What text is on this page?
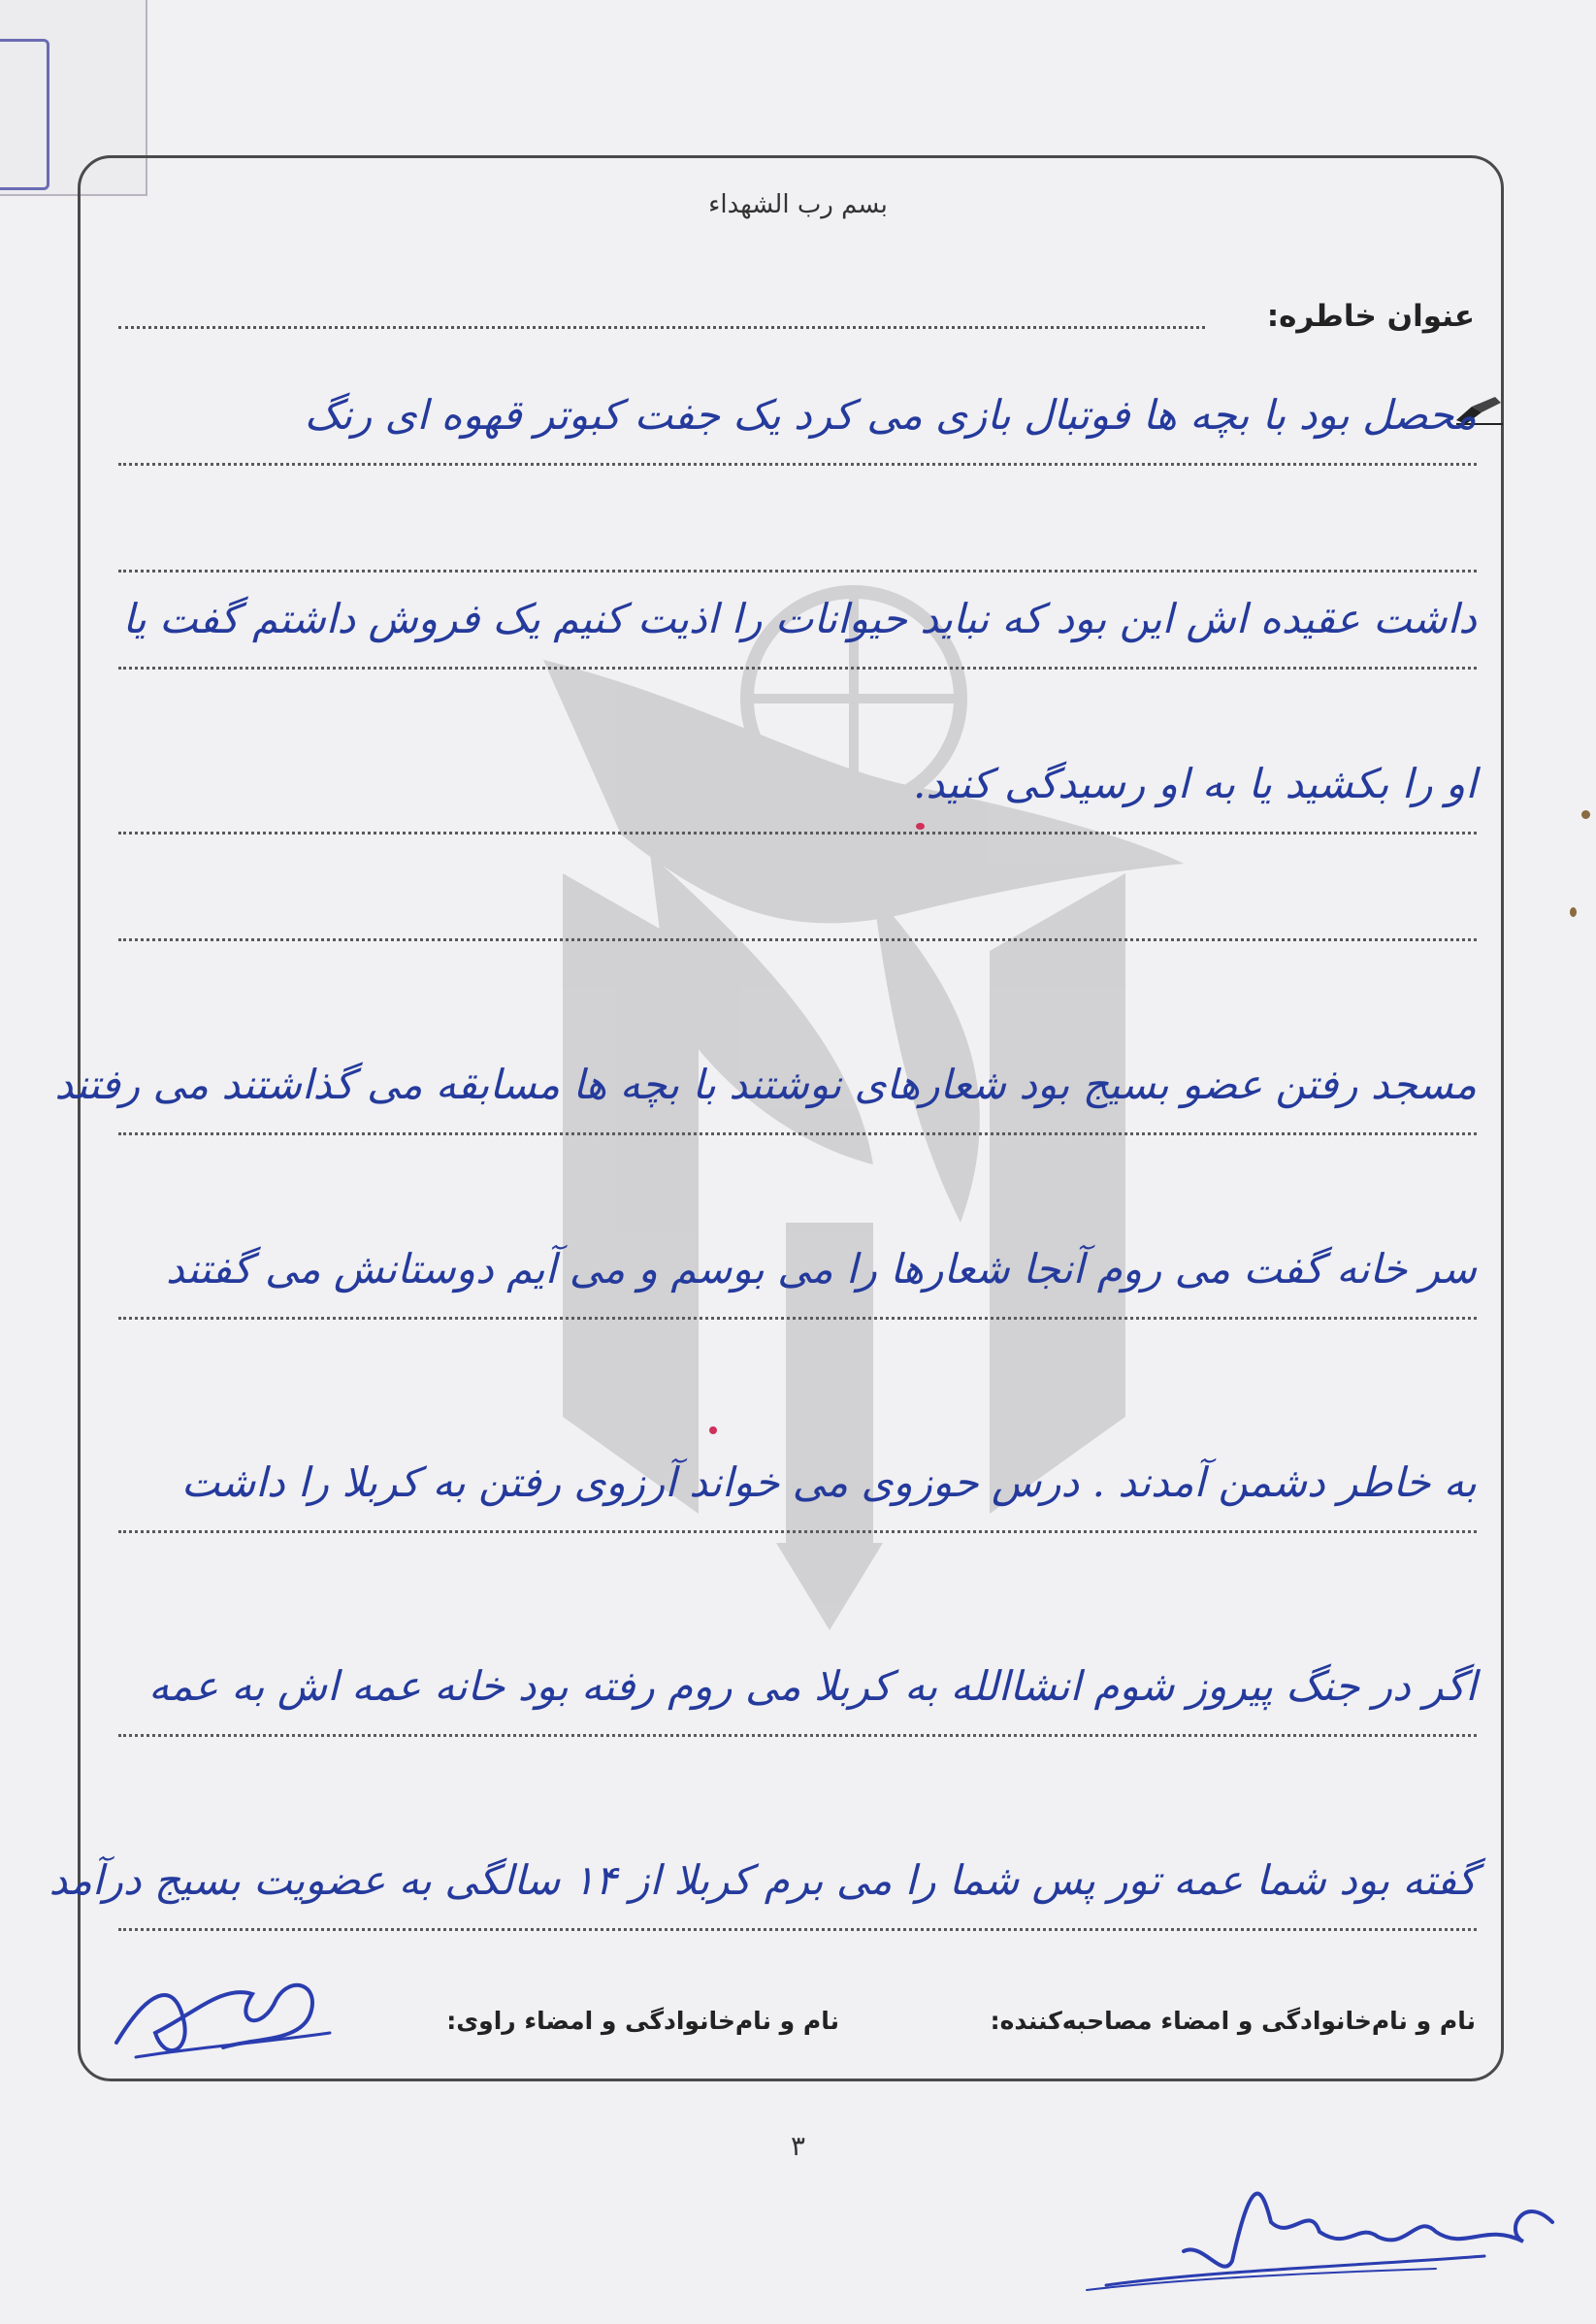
بسم رب الشهداء
عنوان خاطره:
محصل بود با بچه ها فوتبال بازی می کرد یک جفت کبوتر قهوه ای رنگ
داشت عقیده اش این بود که نباید حیوانات را اذیت کنیم یک فروش داشتم گفت یا
او را بکشید یا به او رسیدگی کنید.
مسجد رفتن عضو بسیج بود شعارهای نوشتند با بچه ها مسابقه می گذاشتند می رفتند
سر خانه گفت می روم آنجا شعارها را می بوسم و می آیم دوستانش می گفتند
به خاطر دشمن آمدند . درس حوزوی می خواند آرزوی رفتن به کربلا را داشت
اگر در جنگ پیروز شوم انشاالله به کربلا می روم رفته بود خانه عمه اش به عمه
گفته بود شما عمه تور پس شما را می برم کربلا از ۱۴ سالگی به عضویت بسیج درآمد
نام و نام‌خانوادگی و امضاء مصاحبه‌کننده:
نام و نام‌خانوادگی و امضاء راوی:
۳
